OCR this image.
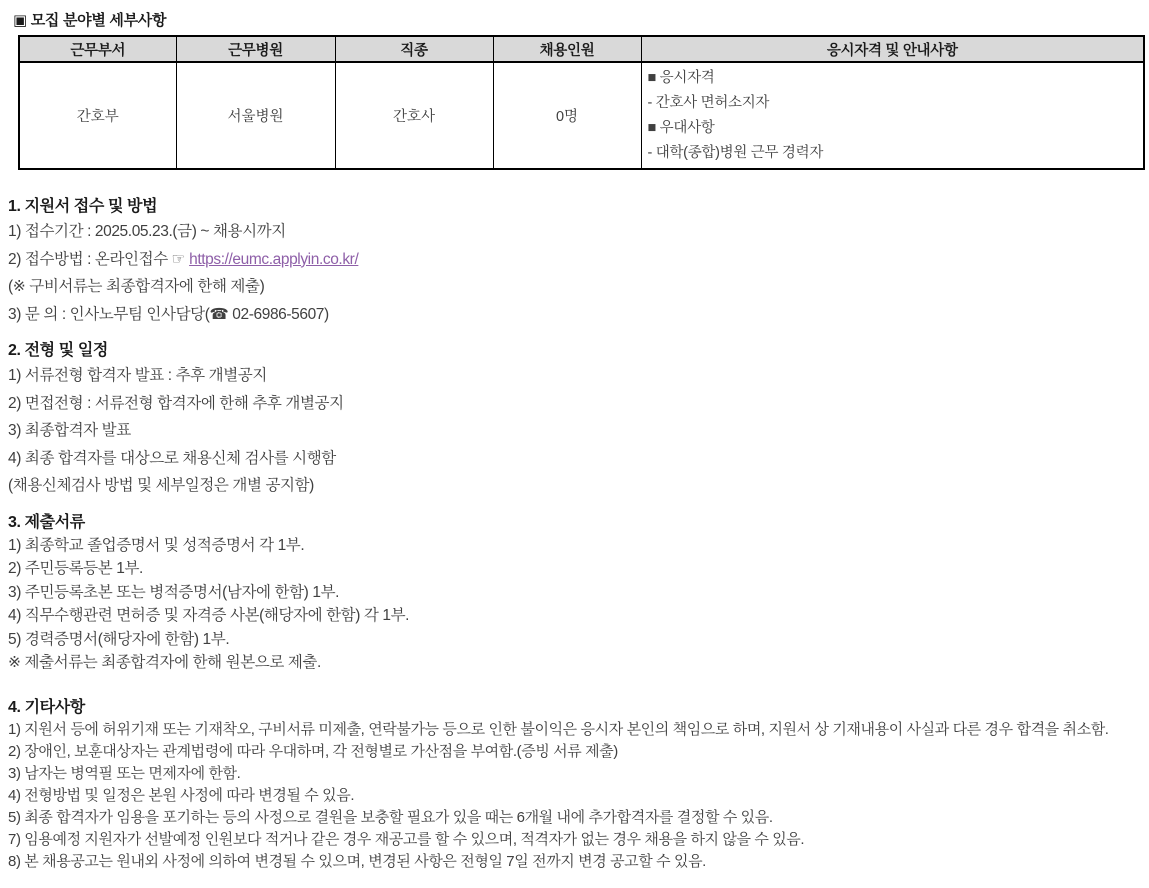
▣ 모집 분야별 세부사항
근무부서	근무병원	직종	채용인원	응시자격 및 안내사항
간호부	서울병원	간호사	0명	■ 응시자격
- 간호사 면허소지자
■ 우대사항
- 대학(종합)병원 근무 경력자
1. 지원서 접수 및 방법
1) 접수기간 : 2025.05.23.(금) ~ 채용시까지
2) 접수방법 : 온라인접수 ☞ https://eumc.applyin.co.kr/
(※ 구비서류는 최종합격자에 한해 제출)
3) 문 의 : 인사노무팀 인사담당(☎ 02-6986-5607)
2. 전형 및 일정
1) 서류전형 합격자 발표 : 추후 개별공지
2) 면접전형 : 서류전형 합격자에 한해 추후 개별공지
3) 최종합격자 발표
4) 최종 합격자를 대상으로 채용신체 검사를 시행함
(채용신체검사 방법 및 세부일정은 개별 공지함)
3. 제출서류
1) 최종학교 졸업증명서 및 성적증명서 각 1부.
2) 주민등록등본 1부.
3) 주민등록초본 또는 병적증명서(남자에 한함) 1부.
4) 직무수행관련 면허증 및 자격증 사본(해당자에 한함) 각 1부.
5) 경력증명서(해당자에 한함) 1부.
※ 제출서류는 최종합격자에 한해 원본으로 제출.
4. 기타사항
1) 지원서 등에 허위기재 또는 기재착오, 구비서류 미제출, 연락불가능 등으로 인한 불이익은 응시자 본인의 책임으로 하며, 지원서 상 기재내용이 사실과 다른 경우 합격을 취소함.
2) 장애인, 보훈대상자는 관계법령에 따라 우대하며, 각 전형별로 가산점을 부여함.(증빙 서류 제출)
3) 남자는 병역필 또는 면제자에 한함.
4) 전형방법 및 일정은 본원 사정에 따라 변경될 수 있음.
5) 최종 합격자가 임용을 포기하는 등의 사정으로 결원을 보충할 필요가 있을 때는 6개월 내에 추가합격자를 결정할 수 있음.
7) 임용예정 지원자가 선발예정 인원보다 적거나 같은 경우 재공고를 할 수 있으며, 적격자가 없는 경우 채용을 하지 않을 수 있음.
8) 본 채용공고는 원내외 사정에 의하여 변경될 수 있으며, 변경된 사항은 전형일 7일 전까지 변경 공고할 수 있음.
